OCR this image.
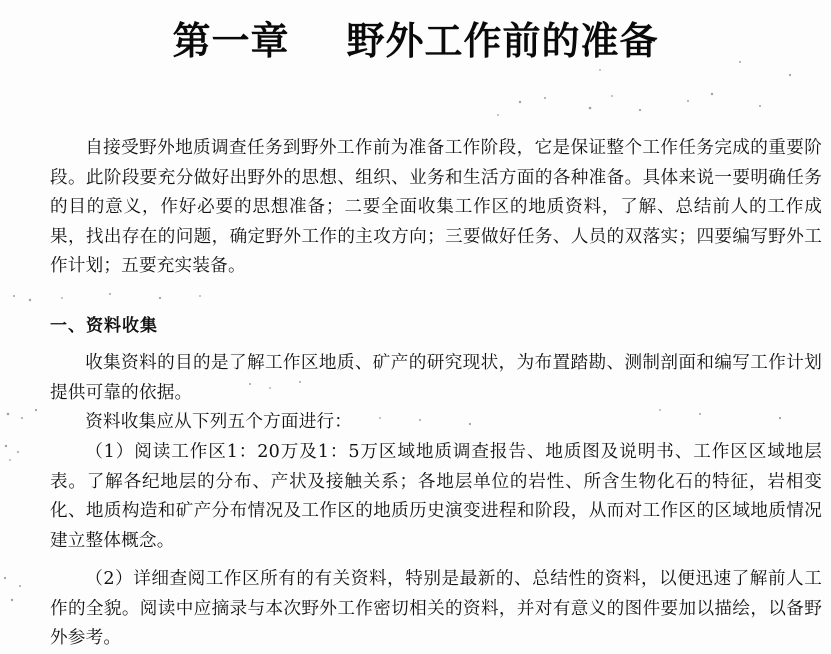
第一章    野外工作前的准备

自接受野外地质调查任务到野外工作前为准备工作阶段，它是保证整个工作任务完成的重要阶段。此阶段要充分做好出野外的思想、组织、业务和生活方面的各种准备。具体来说一要明确任务的目的意义，作好必要的思想准备；二要全面收集工作区的地质资料，了解、总结前人的工作成果，找出存在的问题，确定野外工作的主攻方向；三要做好任务、人员的双落实；四要编写野外工作计划；五要充实装备。

一、资料收集

收集资料的目的是了解工作区地质、矿产的研究现状，为布置踏勘、测制剖面和编写工作计划提供可靠的依据。

资料收集应从下列五个方面进行：

（1）阅读工作区1：20万及1：5万区域地质调查报告、地质图及说明书、工作区区域地层表。了解各纪地层的分布、产状及接触关系；各地层单位的岩性、所含生物化石的特征，岩相变化、地质构造和矿产分布情况及工作区的地质历史演变进程和阶段，从而对工作区的区域地质情况建立整体概念。

（2）详细查阅工作区所有的有关资料，特别是最新的、总结性的资料，以便迅速了解前人工作的全貌。阅读中应摘录与本次野外工作密切相关的资料，并对有意义的图件要加以描绘，以备野外参考。
